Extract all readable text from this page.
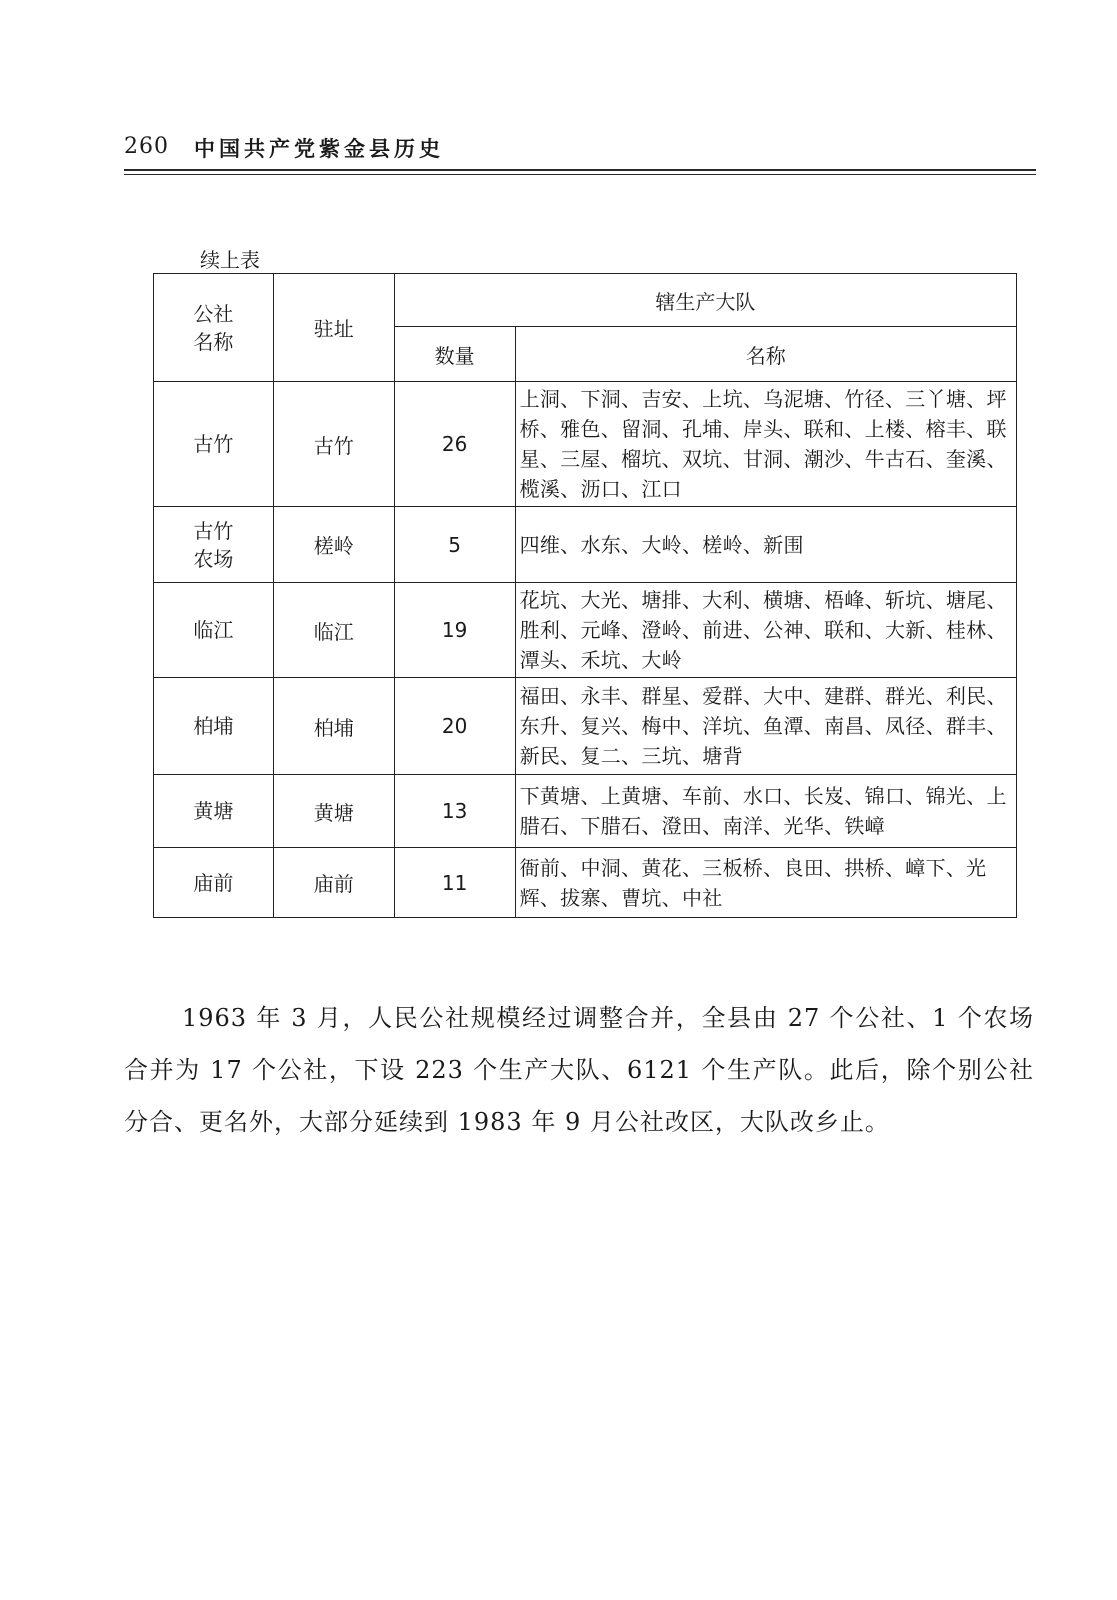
260 中国共产党紫金县历史
续上表
公社
名称	驻址	辖生产大队	
		数量	名称
古竹	古竹	26	上洞、下洞、吉安、上坑、乌泥塘、竹径、三丫塘、坪桥、雅色、留洞、孔埔、岸头、联和、上楼、榕丰、联星、三屋、榴坑、双坑、甘洞、潮沙、牛古石、奎溪、榄溪、沥口、江口
古竹
农场	槎岭	5	四维、水东、大岭、槎岭、新围
临江	临江	19	花坑、大光、塘排、大利、横塘、梧峰、斩坑、塘尾、胜利、元峰、澄岭、前进、公神、联和、大新、桂林、潭头、禾坑、大岭
柏埔	柏埔	20	福田、永丰、群星、爱群、大中、建群、群光、利民、东升、复兴、梅中、洋坑、鱼潭、南昌、凤径、群丰、新民、复二、三坑、塘背
黄塘	黄塘	13	下黄塘、上黄塘、车前、水口、长岌、锦口、锦光、上腊石、下腊石、澄田、南洋、光华、铁嶂
庙前	庙前	11	衙前、中洞、黄花、三板桥、良田、拱桥、嶂下、光辉、拔寨、曹坑、中社
1963 年 3 月，人民公社规模经过调整合并，全县由 27 个公社、1 个农场合并为 17 个公社，下设 223 个生产大队、6121 个生产队。此后，除个别公社分合、更名外，大部分延续到 1983 年 9 月公社改区，大队改乡止。
